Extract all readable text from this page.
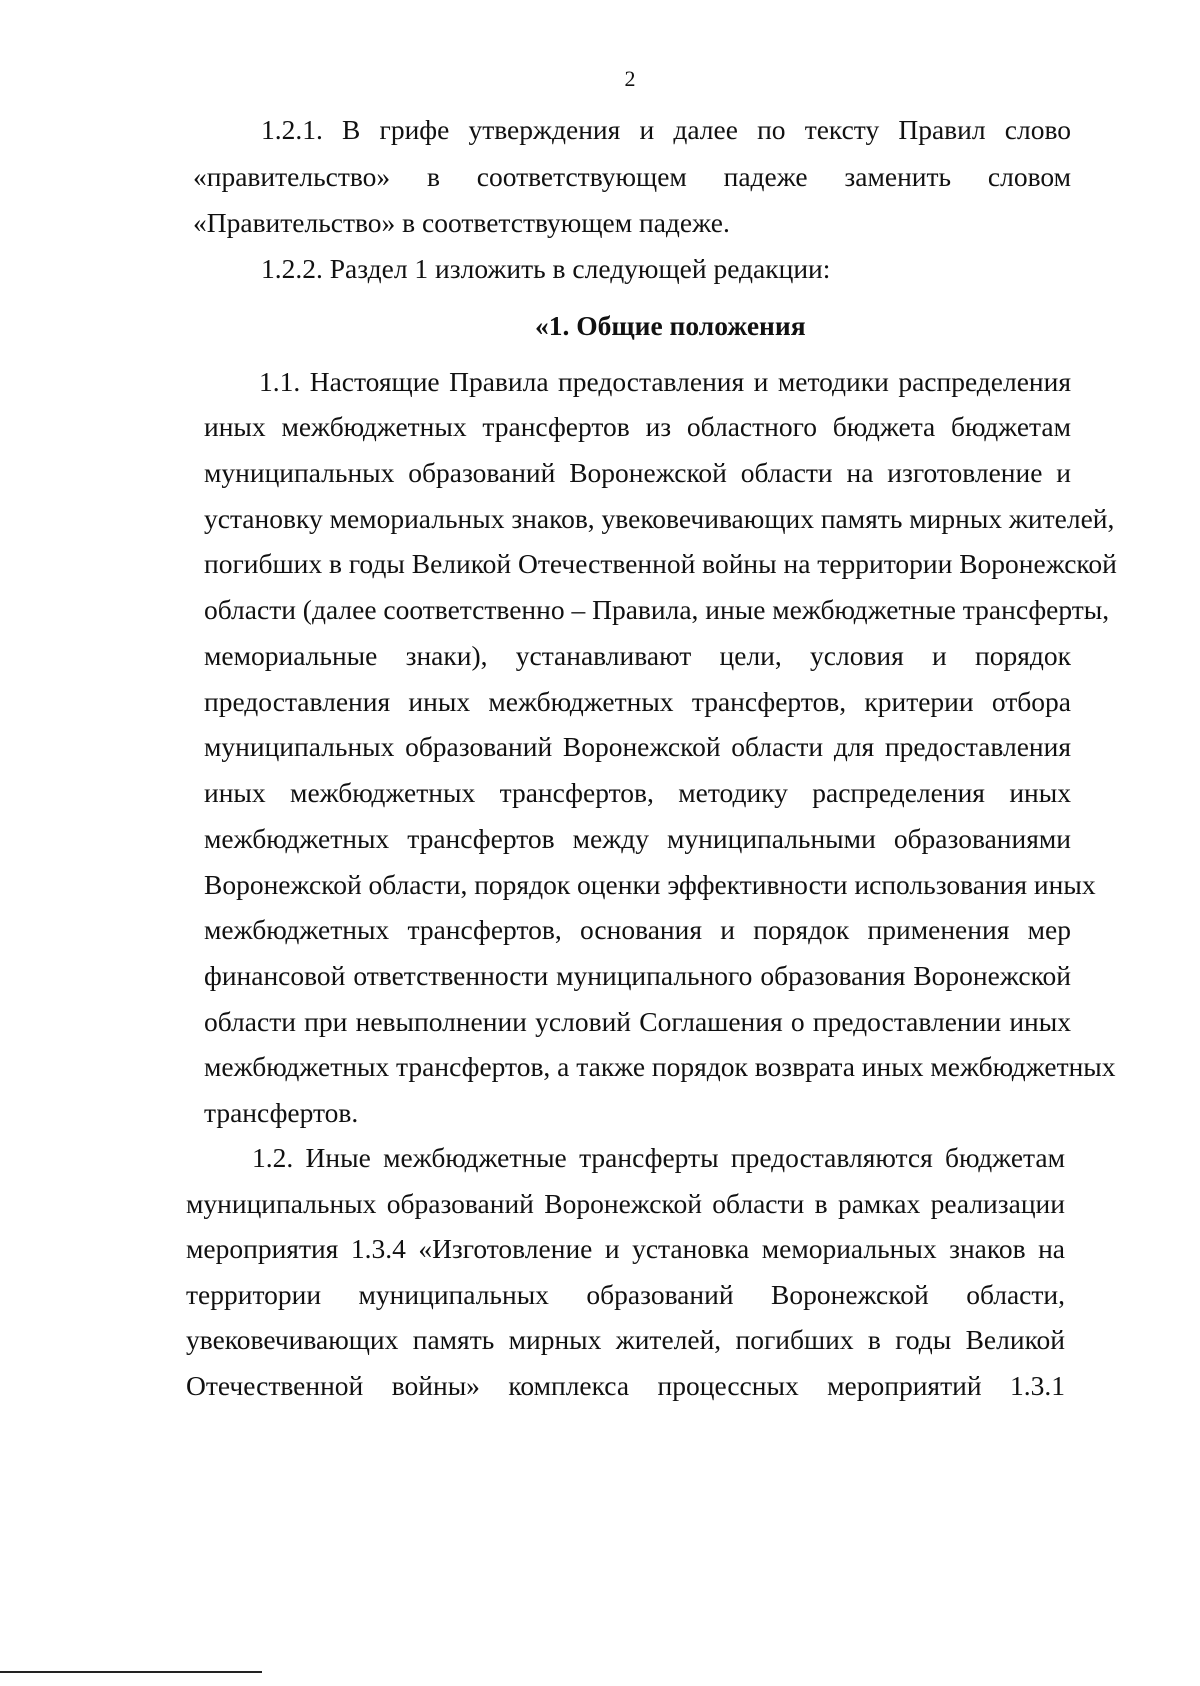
2
1.2.1. В грифе утверждения и далее по тексту Правил слово
«правительство» в соответствующем падеже заменить словом
«Правительство» в соответствующем падеже.
1.2.2. Раздел 1 изложить в следующей редакции:
«1. Общие положения
1.1. Настоящие Правила предоставления и методики распределения
иных межбюджетных трансфертов из областного бюджета бюджетам
муниципальных образований Воронежской области на изготовление и
установку мемориальных знаков, увековечивающих память мирных жителей,
погибших в годы Великой Отечественной войны на территории Воронежской
области (далее соответственно – Правила, иные межбюджетные трансферты,
мемориальные знаки), устанавливают цели, условия и порядок
предоставления иных межбюджетных трансфертов, критерии отбора
муниципальных образований Воронежской области для предоставления
иных межбюджетных трансфертов, методику распределения иных
межбюджетных трансфертов между муниципальными образованиями
Воронежской области, порядок оценки эффективности использования иных
межбюджетных трансфертов, основания и порядок применения мер
финансовой ответственности муниципального образования Воронежской
области при невыполнении условий Соглашения о предоставлении иных
межбюджетных трансфертов, а также порядок возврата иных межбюджетных
трансфертов.
1.2. Иные межбюджетные трансферты предоставляются бюджетам
муниципальных образований Воронежской области в рамках реализации
мероприятия 1.3.4 «Изготовление и установка мемориальных знаков на
территории муниципальных образований Воронежской области,
увековечивающих память мирных жителей, погибших в годы Великой
Отечественной войны» комплекса процессных мероприятий 1.3.1
